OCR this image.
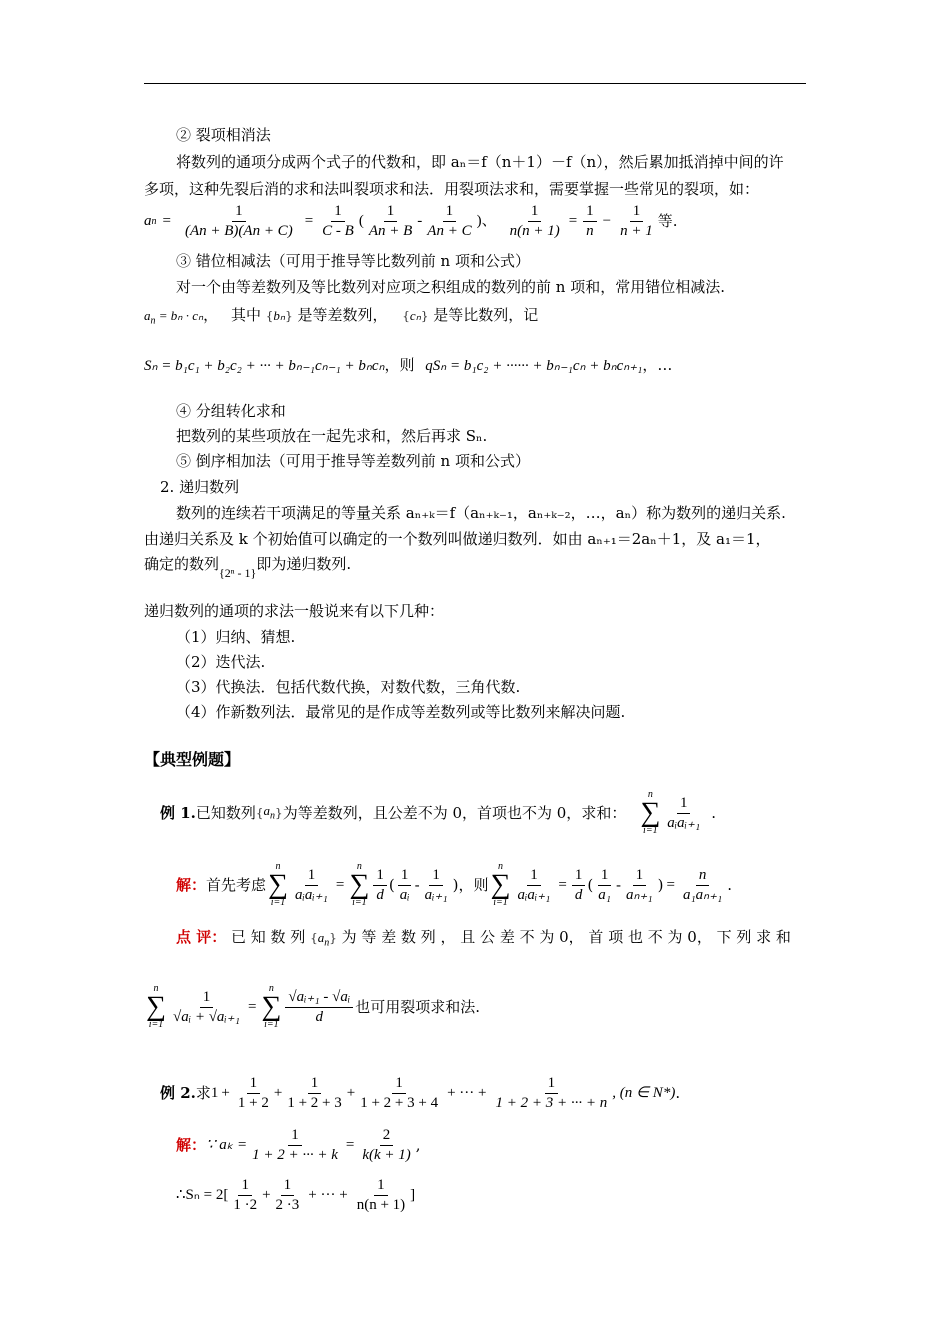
② 裂项相消法
将数列的通项分成两个式子的代数和，即 aₙ＝f（n＋1）－f（n），然后累加抵消掉中间的许
多项，这种先裂后消的求和法叫裂项求和法．用裂项法求和，需要掌握一些常见的裂项，如：
a $n = \frac{1}{(An + B)(An + C)} = \frac{1}{C - B}$ ( $\frac{1}{An + B} - \frac{1}{An + C}$ )、 $\frac{1}{n(n + 1)} = \frac{1}{n} - \frac{1}{n + 1}$ 等.
③ 错位相减法（可用于推导等比数列前 n 项和公式）
对一个由等差数列及等比数列对应项之积组成的数列的前 n 项和，常用错位相减法.
$a_n = b_n \cdot c_n$， 其中 {bₙ} 是等差数列， {cₙ} 是等比数列，记
Sₙ = b₁c₁ + b₂c₂ + ··· + bₙ₋₁cₙ₋₁ + bₙcₙ，则 qSₙ = b₁c₂ + ······ + bₙ₋₁cₙ + bₙcₙ₊₁，…
④ 分组转化求和
把数列的某些项放在一起先求和，然后再求 Sₙ.
⑤ 倒序相加法（可用于推导等差数列前 n 项和公式）
2. 递归数列
数列的连续若干项满足的等量关系 aₙ₊ₖ＝f（aₙ₊ₖ₋₁，aₙ₊ₖ₋₂，…，aₙ）称为数列的递归关系.
由递归关系及 k 个初始值可以确定的一个数列叫做递归数列．如由 aₙ₊₁＝2aₙ＋1，及 a₁＝1，
确定的数列$_{\{2^n - 1\}}$即为递归数列.
递归数列的通项的求法一般说来有以下几种：
（1）归纳、猜想.
（2）迭代法.
（3）代换法．包括代数代换，对数代数，三角代数.
（4）作新数列法．最常见的是作成等差数列或等比数列来解决问题.
【典型例题】
例 1. 已知数列 { $a_n$ } 为等差数列，且公差不为 0，首项也不为 0，求和：
n
∑
$i=1 \frac{1}{\text{aᵢaᵢ₊₁}}$ .
解： 首先考虑
n
∑
$i=1 \frac{1}{\text{aᵢaᵢ₊₁}}$ =
n
∑
$i=1 \frac{1}{d}$ ( $\frac{1}{\text{aᵢ}} - \frac{1}{\text{aᵢ₊₁}}$ ) ，则
n
∑
$i=1 \frac{1}{\text{aᵢaᵢ₊₁}} = \frac{1}{d}$ ( $\frac{1}{\text{a₁}} - \frac{1}{\text{aₙ₊₁}}$ ) = $\frac{n}{\text{a₁aₙ₊₁}}$ .
点 评： 已 知 数 列 $\{a_n\}$ 为 等 差 数 列 ， 且 公 差 不 为 0， 首 项 也 不 为 0， 下 列 求 和
n
∑
$i=1 \frac{1}{\text{√aᵢ + √aᵢ₊₁}}$ =
n
∑
$i=1 \frac{\text{√aᵢ₊₁ - √aᵢ}}{d}$ 也可用裂项求和法.
例 2. 求 $1 + \frac{1}{1 + 2} + \frac{1}{1 + 2 + 3} + \frac{1}{1 + 2 + 3 + 4}$ + ··· + $\frac{1}{1 + 2 + 3 + \cdot\cdot\cdot + n}$ , (n ∈ N*) .
解： ∵ $a_k = \frac{1}{1 + 2 + \cdot\cdot\cdot + k} = \frac{2}{k(k + 1)}$ ,
∴Sₙ = $2[ \frac{1}{1 \cdot 2} + \frac{1}{2 \cdot 3}$ + ··· + $\frac{1}{n(n + 1)}$ ]
